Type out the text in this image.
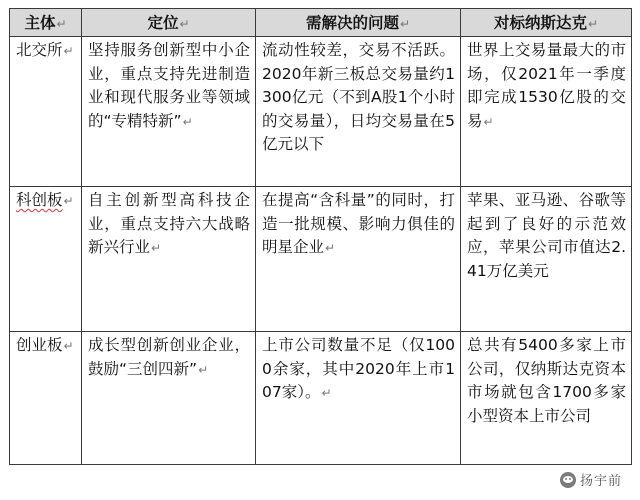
主体↵	定位↵	需解决的问题↵	对标纳斯达克↵
北交所↵	坚持服务创新型中小企业，重点支持先进制造业和现代服务业等领域的“专精特新”↵	流动性较差，交易不活跃。2020年新三板总交易量约1300亿元（不到A股1个小时的交易量），日均交易量在5亿元以下	世界上交易量最大的市场，仅2021年一季度即完成1530亿股的交易↵
科创板↵	自主创新型高科技企业，重点支持六大战略新兴行业↵	在提高“含科量”的同时，打造一批规模、影响力俱佳的明星企业↵	苹果、亚马逊、谷歌等起到了良好的示范效应，苹果公司市值达2.41万亿美元
创业板↵	成长型创新创业企业，鼓励“三创四新”↵	上市公司数量不足（仅1000余家，其中2020年上市107家）。↵	总共有5400多家上市公司，仅纳斯达克资本市场就包含1700多家小型资本上市公司
扬宇前
